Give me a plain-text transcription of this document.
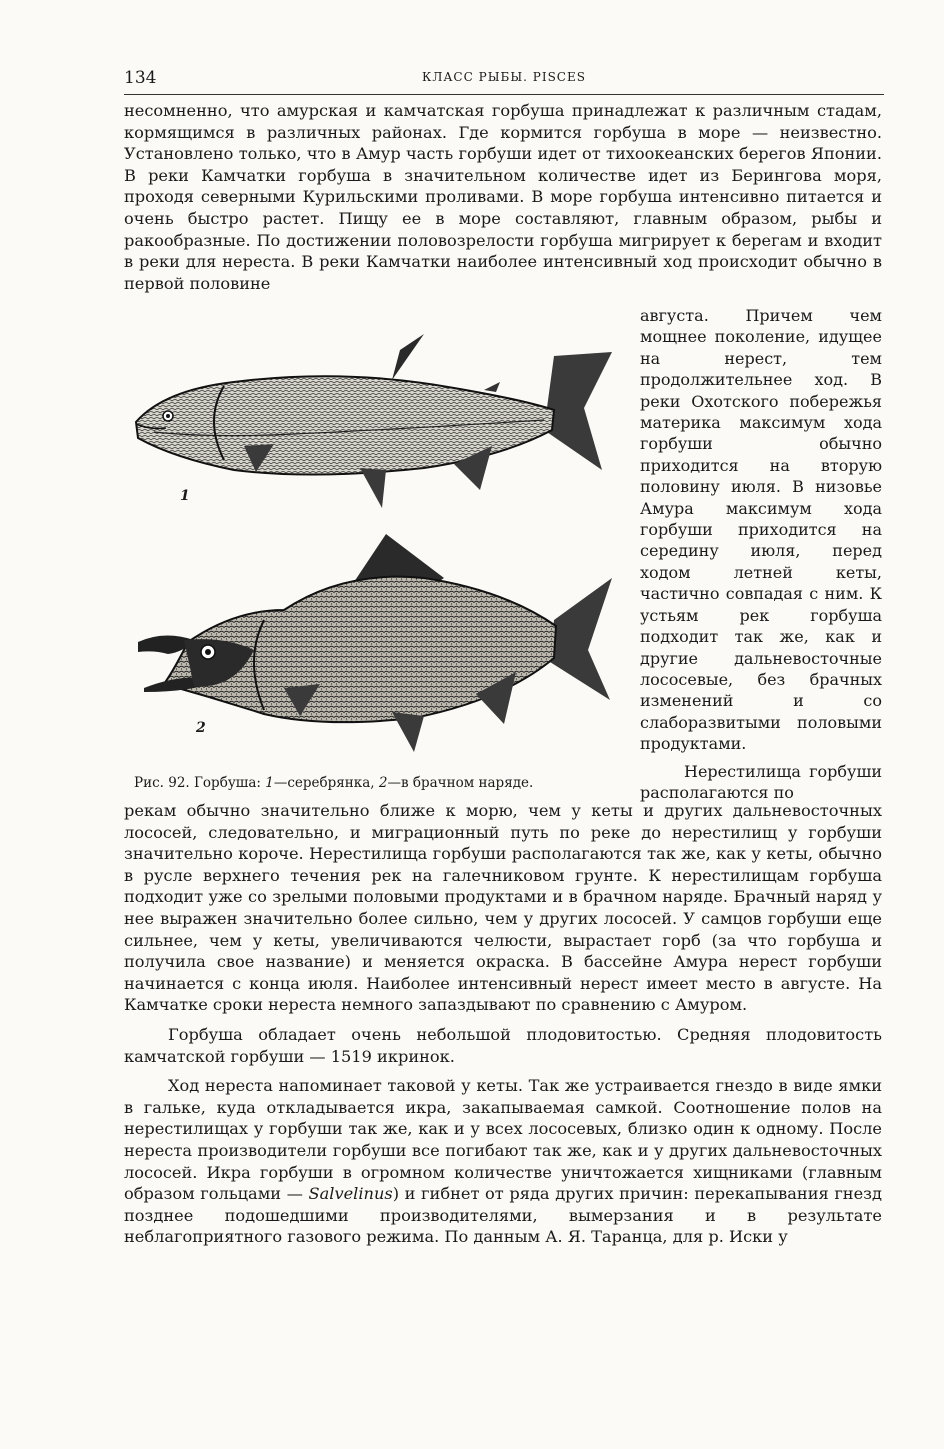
134	КЛАСС РЫБЫ. PISCES

несомненно, что амурская и камчатская горбуша принадлежат к различным стадам, кормящимся в различных районах. Где кормится горбуша в море — неизвестно. Установлено только, что в Амур часть горбуши идет от тихоокеанских берегов Японии. В реки Камчатки горбуша в значительном количестве идет из Берингова моря, проходя северными Курильскими проливами. В море горбуша интенсивно питается и очень быстро растет. Пищу ее в море составляют, главным образом, рыбы и ракообразные. По достижении половозрелости горбуша мигрирует к берегам и входит в реки для нереста. В реки Камчатки наиболее интенсивный ход происходит обычно в первой половине

1
2
Рис. 92. Горбуша: 1—серебрянка, 2—в брачном наряде.

августа. Причем чем мощнее поколение, идущее на нерест, тем продолжительнее ход. В реки Охотского побережья материка максимум хода горбуши обычно приходится на вторую половину июля. В низовье Амура максимум хода горбуши приходится на середину июля, перед ходом летней кеты, частично совпадая с ним. К устьям рек горбуша подходит так же, как и другие дальневосточные лососевые, без брачных изменений и со слаборазвитыми половыми продуктами.

Нерестилища горбуши располагаются по

рекам обычно значительно ближе к морю, чем у кеты и других дальневосточных лососей, следовательно, и миграционный путь по реке до нерестилищ у горбуши значительно короче. Нерестилища горбуши располагаются так же, как у кеты, обычно в русле верхнего течения рек на галечниковом грунте. К нерестилищам горбуша подходит уже со зрелыми половыми продуктами и в брачном наряде. Брачный наряд у нее выражен значительно более сильно, чем у других лососей. У самцов горбуши еще сильнее, чем у кеты, увеличиваются челюсти, вырастает горб (за что горбуша и получила свое название) и меняется окраска. В бассейне Амура нерест горбуши начинается с конца июля. Наиболее интенсивный нерест имеет место в августе. На Камчатке сроки нереста немного запаздывают по сравнению с Амуром.

Горбуша обладает очень небольшой плодовитостью. Средняя плодовитость камчатской горбуши — 1519 икринок.

Ход нереста напоминает таковой у кеты. Так же устраивается гнездо в виде ямки в гальке, куда откладывается икра, закапываемая самкой. Соотношение полов на нерестилищах у горбуши так же, как и у всех лососевых, близко один к одному. После нереста производители горбуши все погибают так же, как и у других дальневосточных лососей. Икра горбуши в огромном количестве уничтожается хищниками (главным образом гольцами — Salvelinus) и гибнет от ряда других причин: перекапывания гнезд позднее подошедшими производителями, вымерзания и в результате неблагоприятного газового режима. По данным А. Я. Таранца, для р. Иски у
